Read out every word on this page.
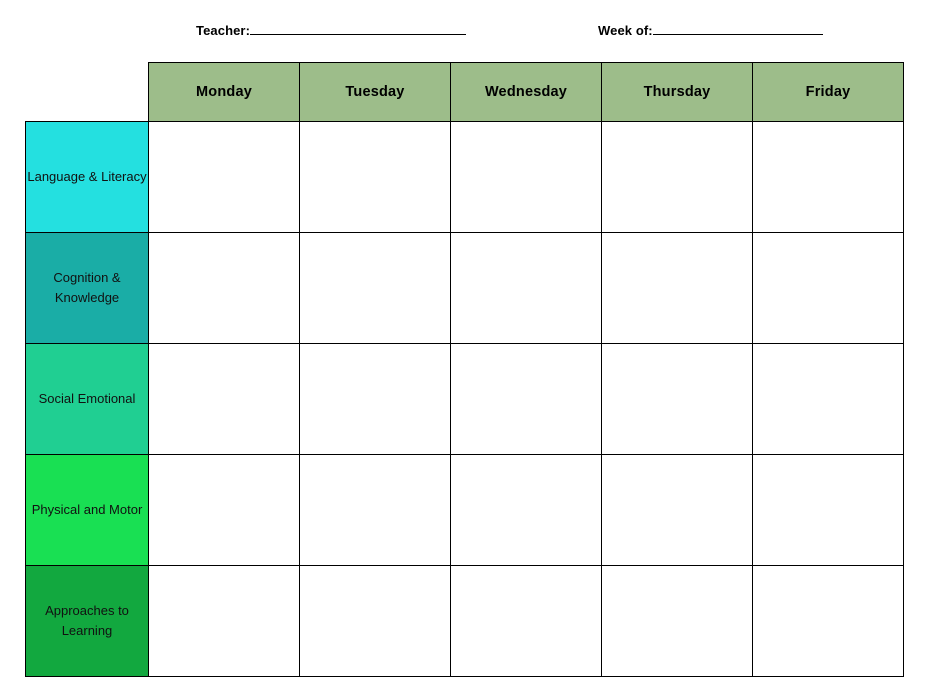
Teacher:	Week of:
	Monday	Tuesday	Wednesday	Thursday	Friday
Language & Literacy					
Cognition & Knowledge					
Social Emotional					
Physical and Motor					
Approaches to Learning					
